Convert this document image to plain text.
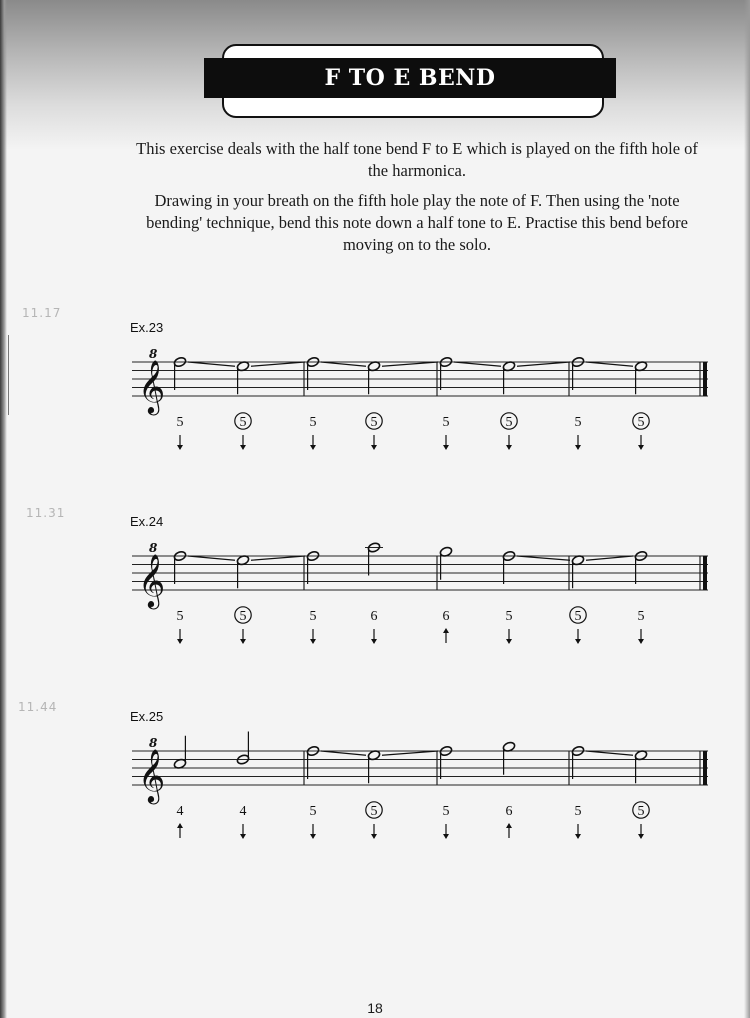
F TO E BEND

This exercise deals with the half tone bend F to E which is played on the fifth hole of the harmonica.

Drawing in your breath on the fifth hole play the note of F. Then using the 'note bending' technique, bend this note down a half tone to E. Practise this bend before moving on to the solo.

11.17
11.31
11.44
Ex.23
𝄞
8
5	5	5	5	5	5	5	5
Ex.24
𝄞
8
5	5	5	6	6	5	5	5
Ex.25
𝄞
8
4	4	5	5	5	6	5	5
18
